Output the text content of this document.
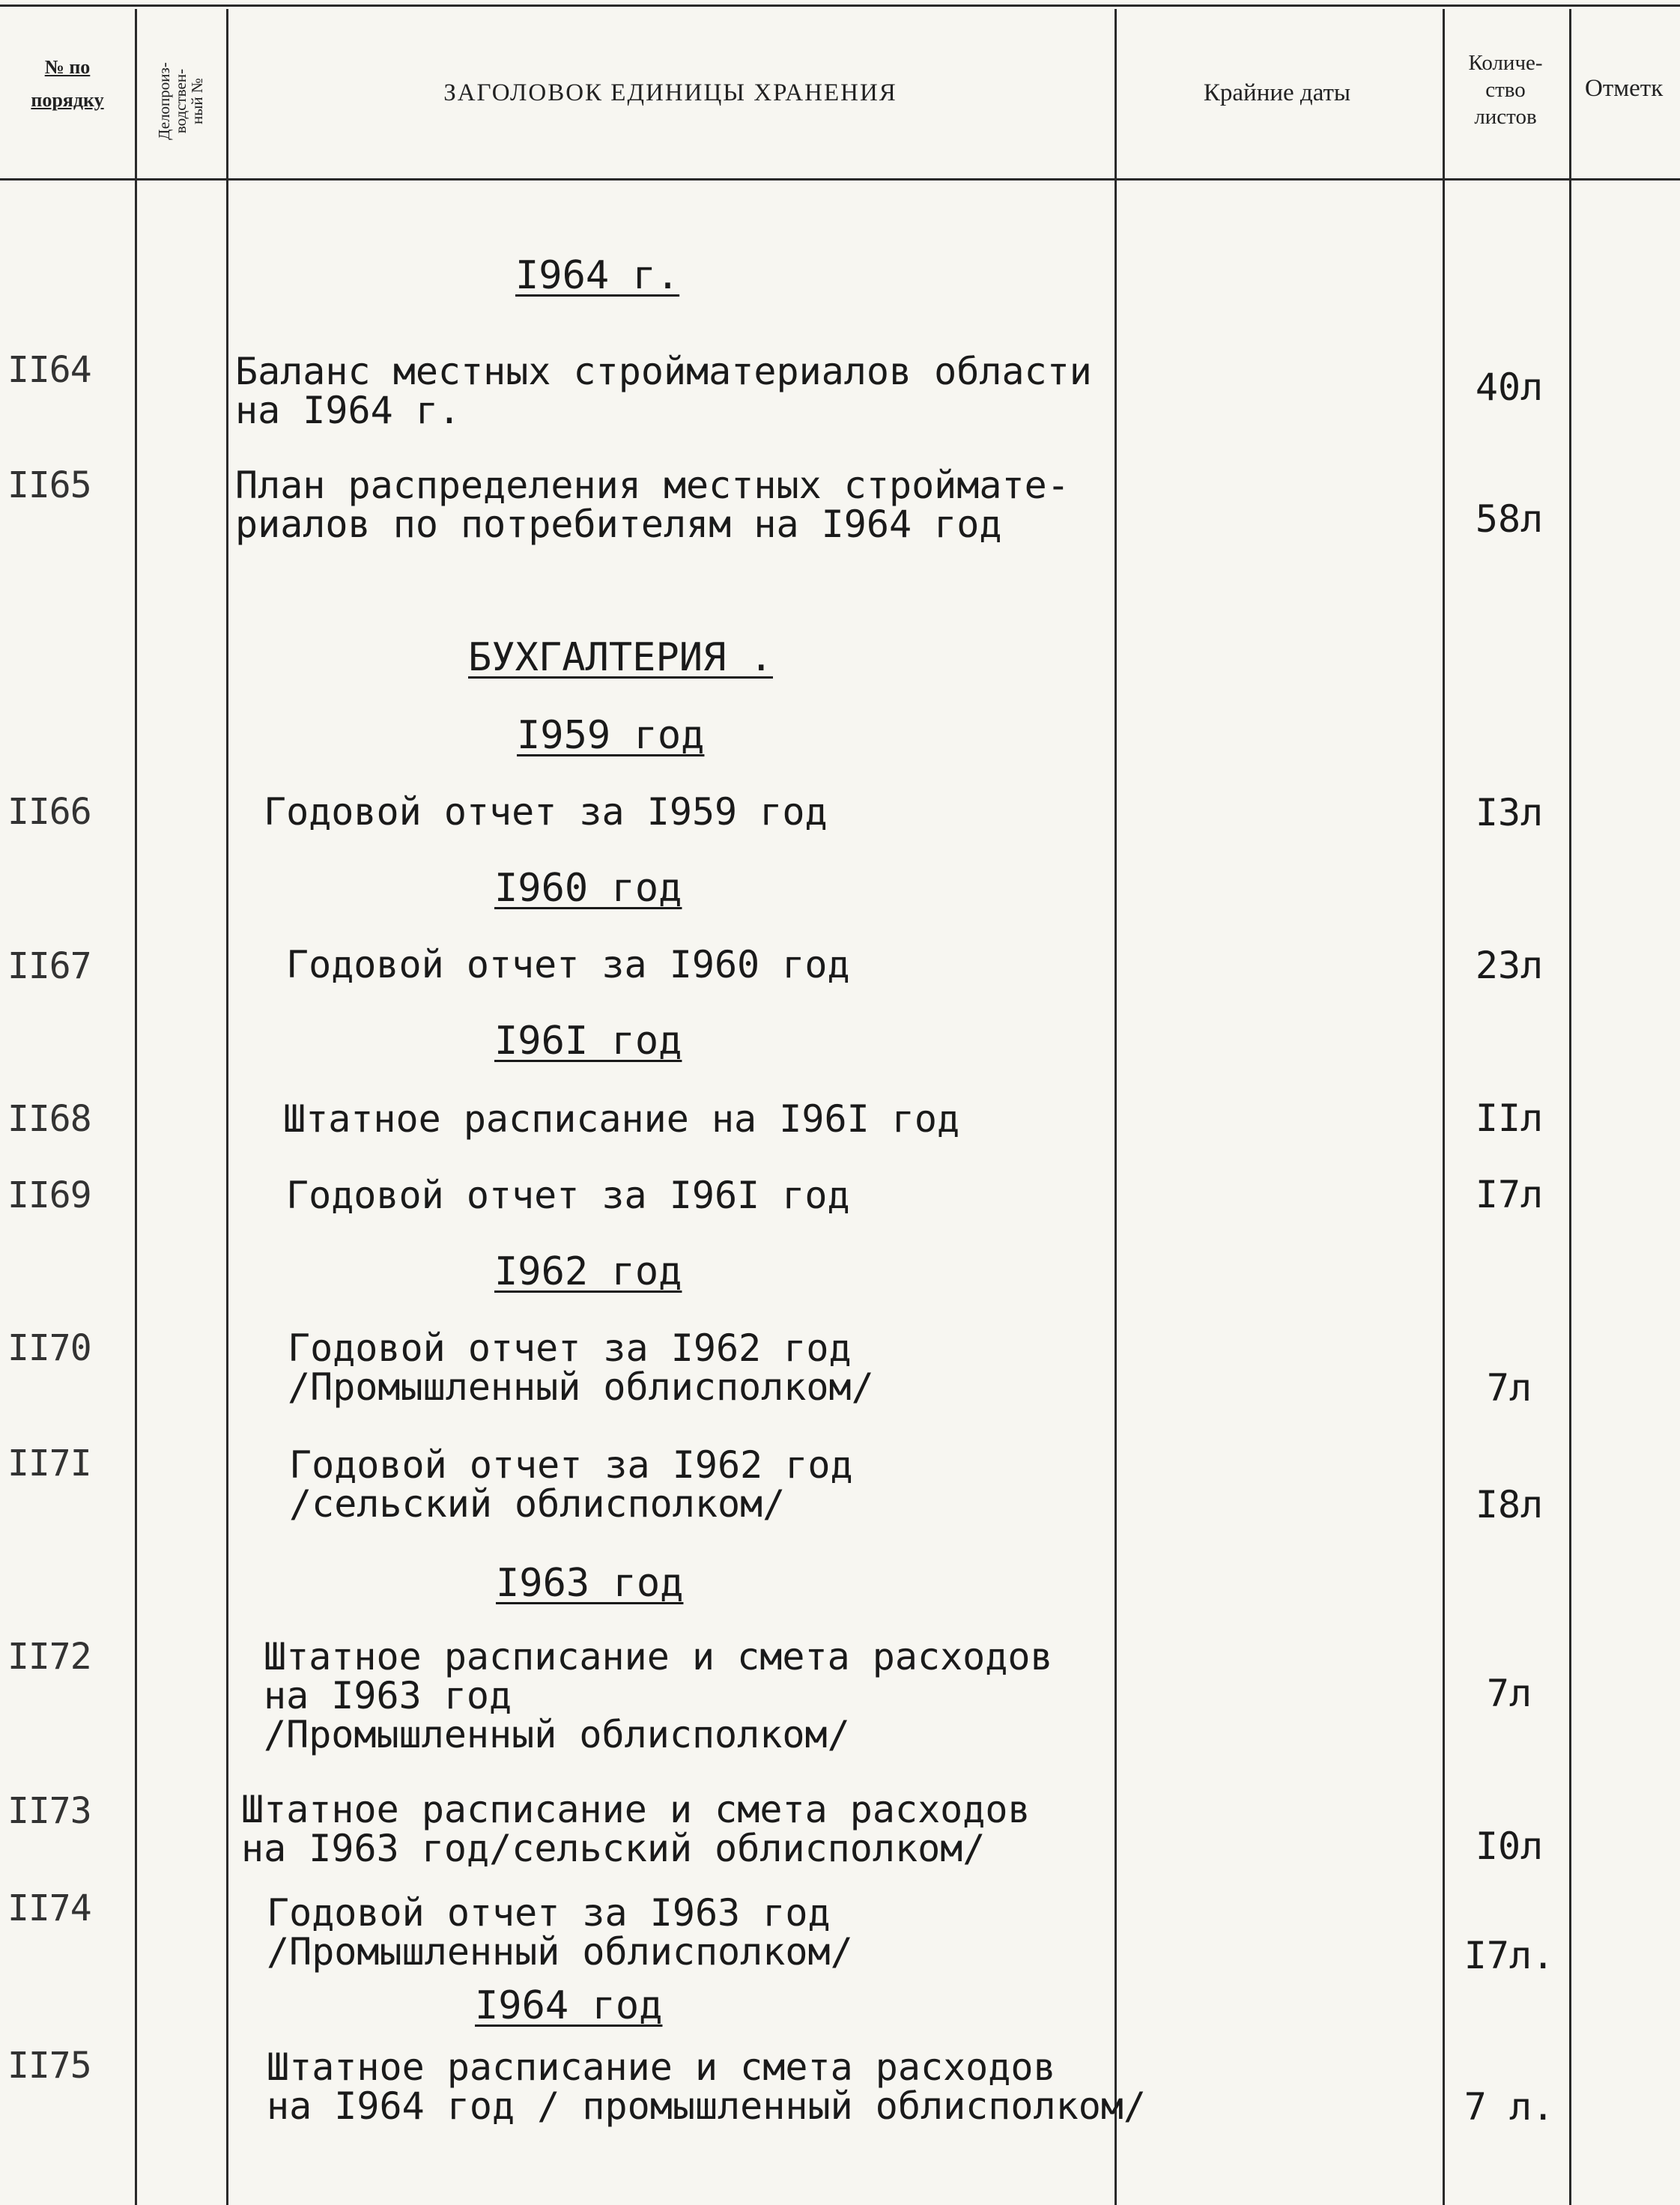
№ по порядку	Делопроиз-
водствен-
ный №	ЗАГОЛОВОК ЕДИНИЦЫ ХРАНЕНИЯ	Крайние даты
Количе-
ство
листов
Отметк
I964 г.
БУХГАЛТЕРИЯ .
I959 год
I960 год
I96I год
I962 год
I963 год
I964 год
II64	Баланс местных стройматериалов области
на I964 г.
40л
II65	План распределения местных строймате-
риалов по потребителям на I964 год	58л
II66	Годовой отчет за I959 год	I3л
II67	Годовой отчет за I960 год	23л
II68	Штатное расписание на I96I год	IIл
II69	Годовой отчет за I96I год	I7л
II70	Годовой отчет за I962 год
/Промышленный облисполком/	7л
II7I	Годовой отчет за I962 год
/сельский облисполком/	I8л
II72	Штатное расписание и смета расходов
на I963 год
/Промышленный облисполком/
7л
II73	Штатное расписание и смета расходов
на I963 год/сельский облисполком/	I0л
II74	Годовой отчет за I963 год
/Промышленный облисполком/	I7л.
II75	Штатное расписание и смета расходов
на I964 год / промышленный облисполком/	7 л.
